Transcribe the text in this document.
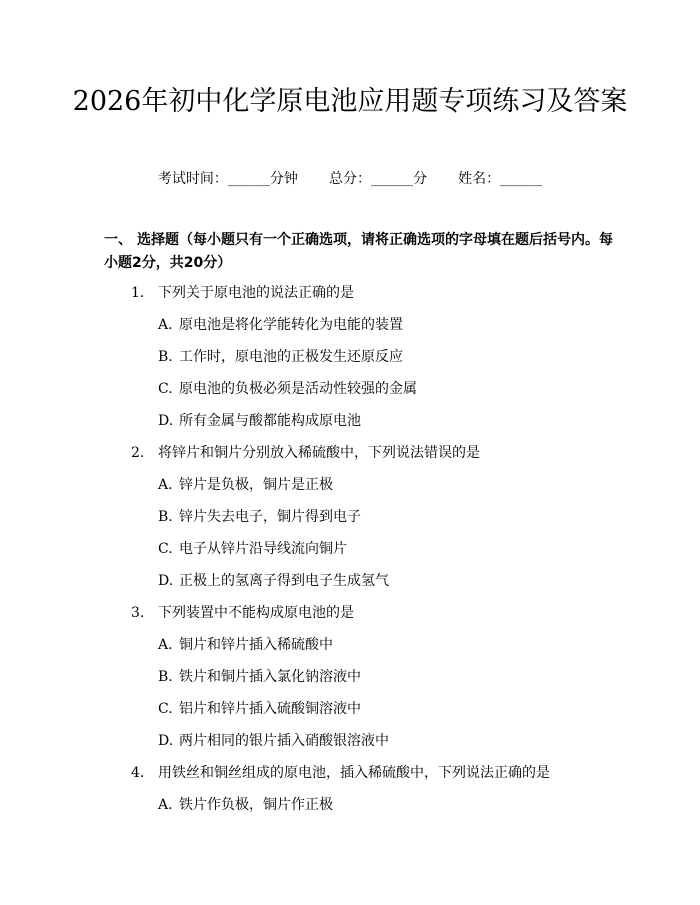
2026年初中化学原电池应用题专项练习及答案
考试时间：______分钟 总分：______分 姓名：______
一、 选择题（每小题只有一个正确选项，请将正确选项的字母填在题后括号内。每小题2分，共20分）
1. 下列关于原电池的说法正确的是
A. 原电池是将化学能转化为电能的装置
B. 工作时，原电池的正极发生还原反应
C. 原电池的负极必须是活动性较强的金属
D. 所有金属与酸都能构成原电池
2. 将锌片和铜片分别放入稀硫酸中，下列说法错误的是
A. 锌片是负极，铜片是正极
B. 锌片失去电子，铜片得到电子
C. 电子从锌片沿导线流向铜片
D. 正极上的氢离子得到电子生成氢气
3. 下列装置中不能构成原电池的是
A. 铜片和锌片插入稀硫酸中
B. 铁片和铜片插入氯化钠溶液中
C. 铝片和锌片插入硫酸铜溶液中
D. 两片相同的银片插入硝酸银溶液中
4. 用铁丝和铜丝组成的原电池，插入稀硫酸中，下列说法正确的是
A. 铁片作负极，铜片作正极
